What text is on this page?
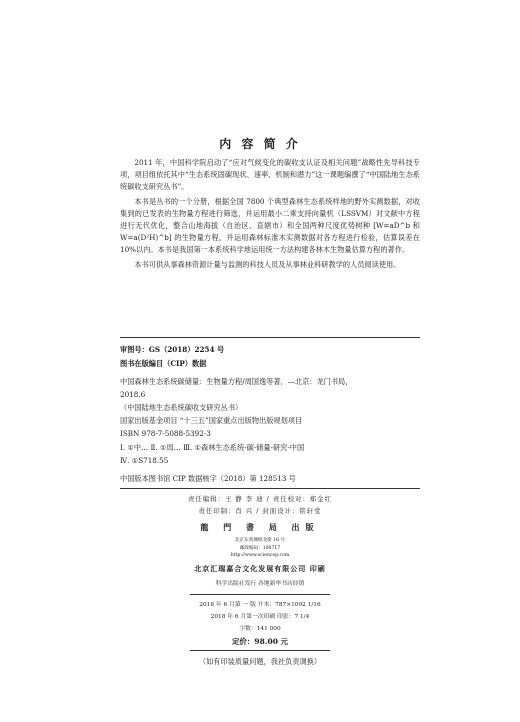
内 容 简 介

2011 年，中国科学院启动了“应对气候变化的碳收支认证及相关问题”战略性先导科技专项，项目组依托其中“生态系统固碳现状、速率、机制和潜力”这一课题编撰了“中国陆地生态系统碳收支研究丛书”。

本书是丛书的一个分册，根据全国 7800 个典型森林生态系统样地的野外实测数据，对收集到的已发表的生物量方程进行筛选，并运用最小二乘支持向量机（LSSVM）对文献中方程进行无代优化，整合山地海拔（自治区、直辖市）和全国两种尺度优势树种 [W=aD^b 和 W=a(D²H)^b] 的生物量方程，并运用森林标准木实测数据对各方程进行检验，估算误差在 10%以内。本书是我国第一本系统科学地运用统一方法构建各林木生物量估算方程的著作。

本书可供从事森林资源计量与监测的科技人员及从事林业科研教学的人员阅读使用。

审图号：GS（2018）2254 号
图书在版编目（CIP）数据
中国森林生态系统碳储量：生物量方程/周国逸等著．—北京：龙门书局，
2018.6
（中国陆地生态系统碳收支研究丛书）
国家出版基金项目 “十三五”国家重点出版物出版规划项目
ISBN 978-7-5088-5392-3
Ⅰ. ①中… Ⅱ. ①周… Ⅲ. ①森林生态系统-碳-储量-研究-中国
Ⅳ. ①S718.55
中国版本图书馆 CIP 数据核字（2018）第 128513 号
责任编辑：王 静 李 迪 / 责任校对：郑金红
责任印制：肖 兴 / 封面设计：铭轩堂
龍 門 書 局 出版
北京东黄城根北街 16 号
邮政编码：100717
http://www.sciencep.com
北京汇瑞嘉合文化发展有限公司 印刷
科学出版社发行 各地新华书店经销
2018 年 6 月第 一 版 开本：787×1092 1/16
2018 年 6 月第一次印刷 印张：7 1/4
字数：141 000
定价：98.00 元
（如有印装质量问题，我社负责调换）
